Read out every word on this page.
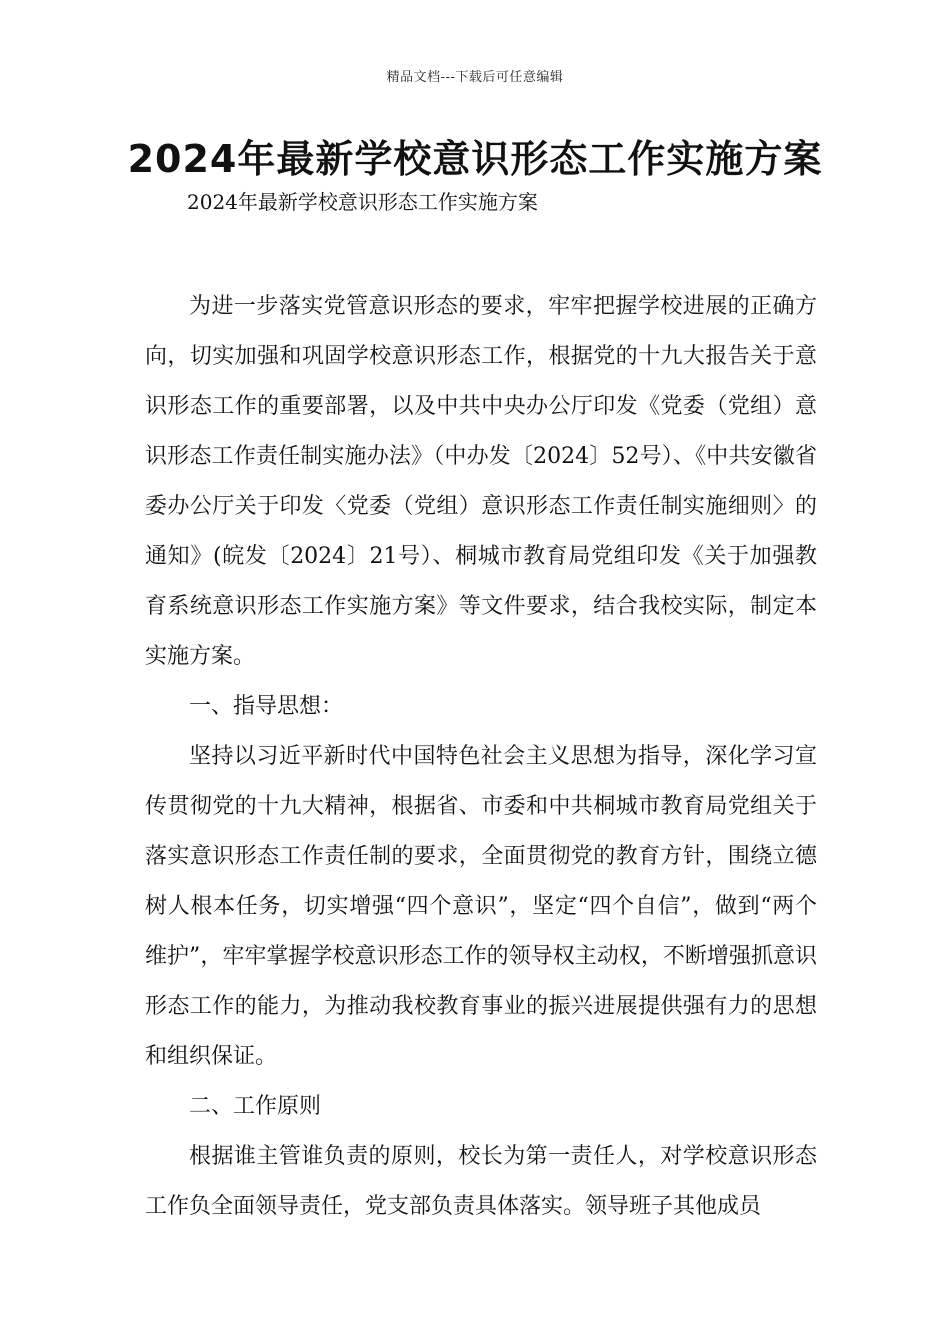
精品文档---下载后可任意编辑
2024年最新学校意识形态工作实施方案
2024年最新学校意识形态工作实施方案

为进一步落实党管意识形态的要求，牢牢把握学校进展的正确方向，切实加强和巩固学校意识形态工作，根据党的十九大报告关于意识形态工作的重要部署，以及中共中央办公厅印发《党委（党组）意识形态工作责任制实施办法》（中办发〔2024〕52号）、《中共安徽省委办公厅关于印发〈党委（党组）意识形态工作责任制实施细则〉的通知》(皖发〔2024〕21号）、桐城市教育局党组印发《关于加强教育系统意识形态工作实施方案》等文件要求，结合我校实际，制定本实施方案。

一、指导思想：

坚持以习近平新时代中国特色社会主义思想为指导，深化学习宣传贯彻党的十九大精神，根据省、市委和中共桐城市教育局党组关于落实意识形态工作责任制的要求，全面贯彻党的教育方针，围绕立德树人根本任务，切实增强“四个意识”，坚定“四个自信”，做到“两个维护”，牢牢掌握学校意识形态工作的领导权主动权，不断增强抓意识形态工作的能力，为推动我校教育事业的振兴进展提供强有力的思想和组织保证。

二、工作原则

根据谁主管谁负责的原则，校长为第一责任人，对学校意识形态工作负全面领导责任，党支部负责具体落实。领导班子其他成员
